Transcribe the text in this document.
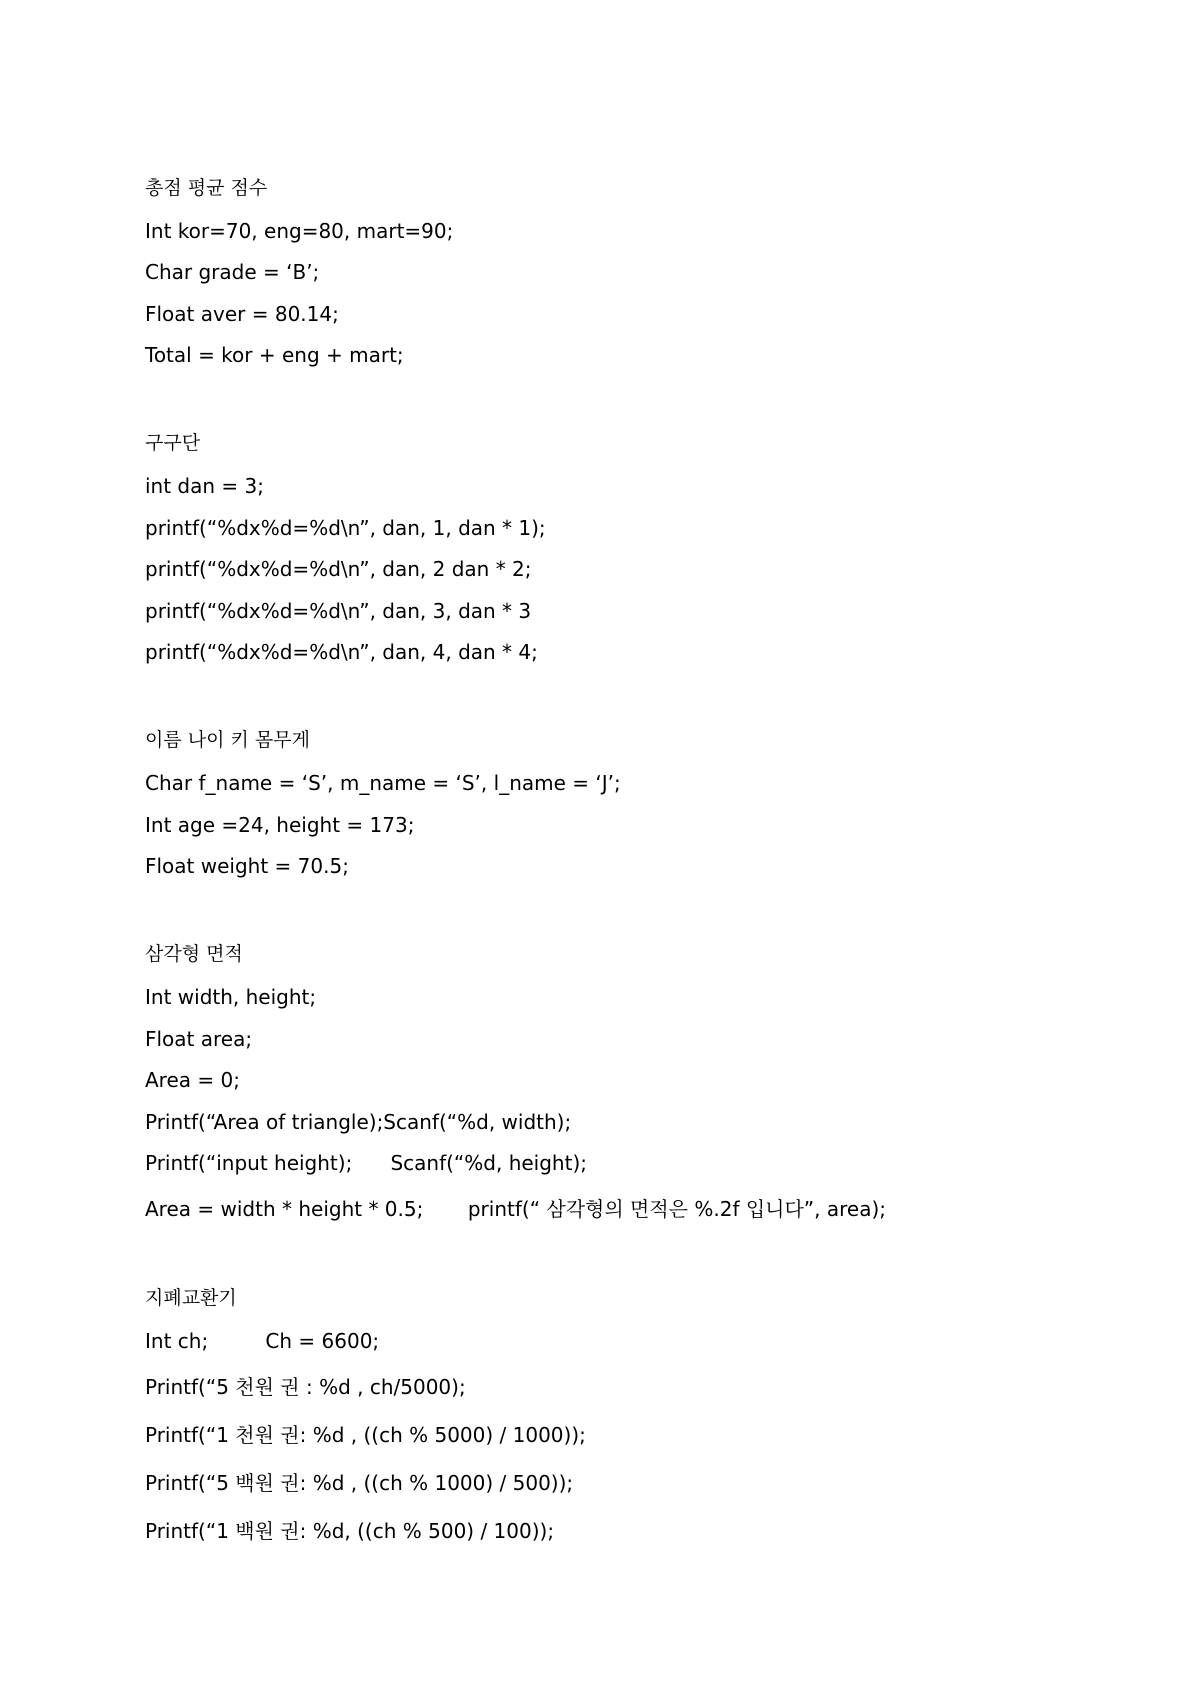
총점 평균 점수
Int kor=70, eng=80, mart=90;
Char grade = ‘B’;
Float aver = 80.14;
Total = kor + eng + mart;
구구단
int dan = 3;
printf(“%dx%d=%d\n”, dan, 1, dan * 1);
printf(“%dx%d=%d\n”, dan, 2 dan * 2;
printf(“%dx%d=%d\n”, dan, 3, dan * 3
printf(“%dx%d=%d\n”, dan, 4, dan * 4;
이름 나이 키 몸무게
Char f_name = ‘S’, m_name = ‘S’, l_name = ‘J’;
Int age =24, height = 173;
Float weight = 70.5;
삼각형 면적
Int width, height;
Float area;
Area = 0;
Printf(“Area of triangle);Scanf(“%d, width);
Printf(“input height);      Scanf(“%d, height);
Area = width * height * 0.5;       printf(“ 삼각형의 면적은 %.2f 입니다”, area);
지폐교환기
Int ch;         Ch = 6600;
Printf(“5 천원 권 : %d , ch/5000);
Printf(“1 천원 권: %d , ((ch % 5000) / 1000));
Printf(“5 백원 권: %d , ((ch % 1000) / 500));
Printf(“1 백원 권: %d, ((ch % 500) / 100));
